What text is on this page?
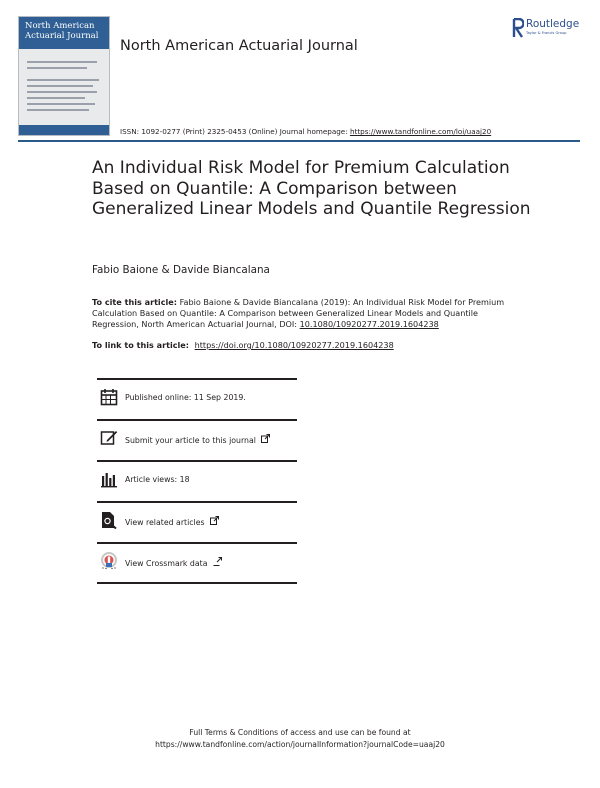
North American Actuarial Journal
North American Actuarial Journal
Routledge
Taylor & Francis Group
ISSN: 1092-0277 (Print) 2325-0453 (Online) Journal homepage: https://www.tandfonline.com/loi/uaaj20
An Individual Risk Model for Premium Calculation Based on Quantile: A Comparison between Generalized Linear Models and Quantile Regression
Fabio Baione & Davide Biancalana
To cite this article: Fabio Baione & Davide Biancalana (2019): An Individual Risk Model for Premium Calculation Based on Quantile: A Comparison between Generalized Linear Models and Quantile Regression, North American Actuarial Journal, DOI: 10.1080/10920277.2019.1604238
To link to this article: https://doi.org/10.1080/10920277.2019.1604238
Published online: 11 Sep 2019.
Submit your article to this journal
Article views: 18
View related articles
View Crossmark data
Full Terms & Conditions of access and use can be found at
https://www.tandfonline.com/action/journalInformation?journalCode=uaaj20
